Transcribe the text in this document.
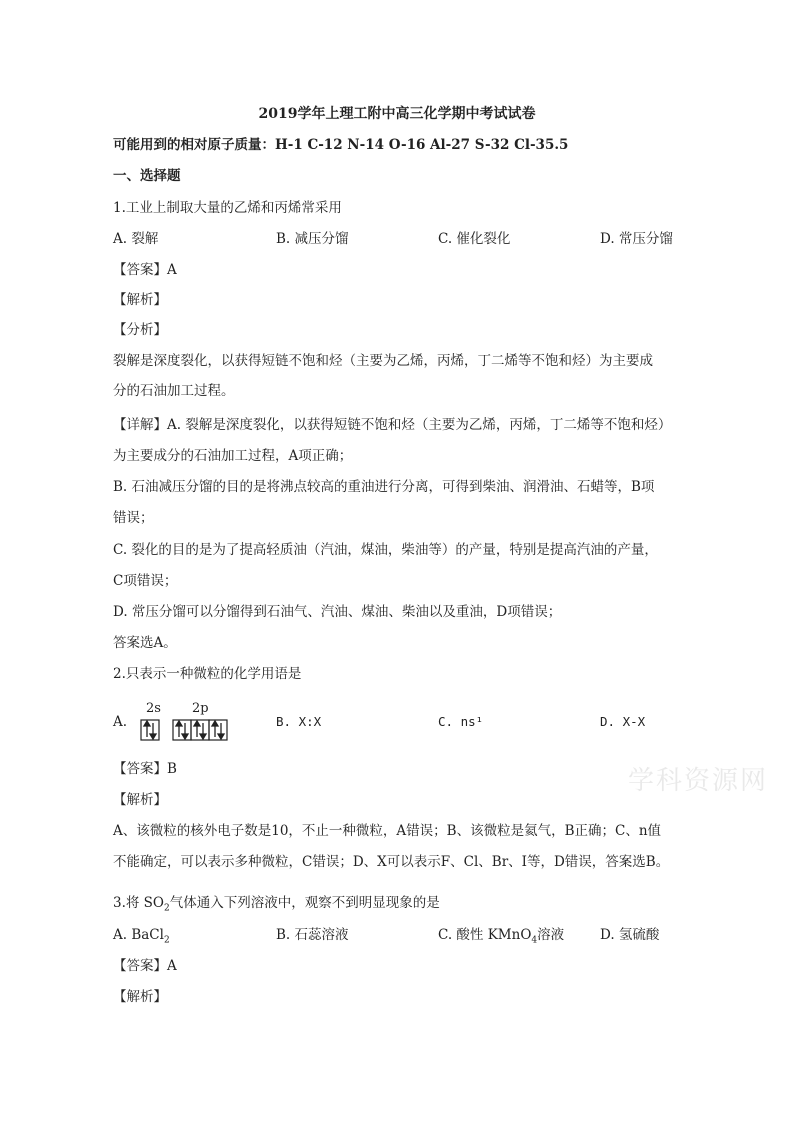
2019学年上理工附中高三化学期中考试试卷
可能用到的相对原子质量：H-1 C-12 N-14 O-16 Al-27 S-32 Cl-35.5
一、选择题
1.工业上制取大量的乙烯和丙烯常采用
A. 裂解	B. 减压分馏	C. 催化裂化	D. 常压分馏
【答案】A
【解析】
【分析】
裂解是深度裂化，以获得短链不饱和烃（主要为乙烯，丙烯，丁二烯等不饱和烃）为主要成
分的石油加工过程。
【详解】A. 裂解是深度裂化，以获得短链不饱和烃（主要为乙烯，丙烯，丁二烯等不饱和烃）
为主要成分的石油加工过程，A项正确；
B. 石油减压分馏的目的是将沸点较高的重油进行分离，可得到柴油、润滑油、石蜡等，B项
错误；
C. 裂化的目的是为了提高轻质油（汽油，煤油，柴油等）的产量，特别是提高汽油的产量，
C项错误；
D. 常压分馏可以分馏得到石油气、汽油、煤油、柴油以及重油，D项错误；
答案选A。
2.只表示一种微粒的化学用语是
A.
2s 2p
B. X:X	C. ns¹	D. X-X
【答案】B
【解析】
A、该微粒的核外电子数是10，不止一种微粒，A错误；B、该微粒是氦气，B正确；C、n值
不能确定，可以表示多种微粒，C错误；D、X可以表示F、Cl、Br、I等，D错误，答案选B。
3.将 $SO_2$气体通入下列溶液中，观察不到明显现象的是
A. BaCl$_2$	B. 石蕊溶液	C. 酸性 KMnO$_4$溶液	D. 氢硫酸
【答案】A
【解析】
学科资源网
